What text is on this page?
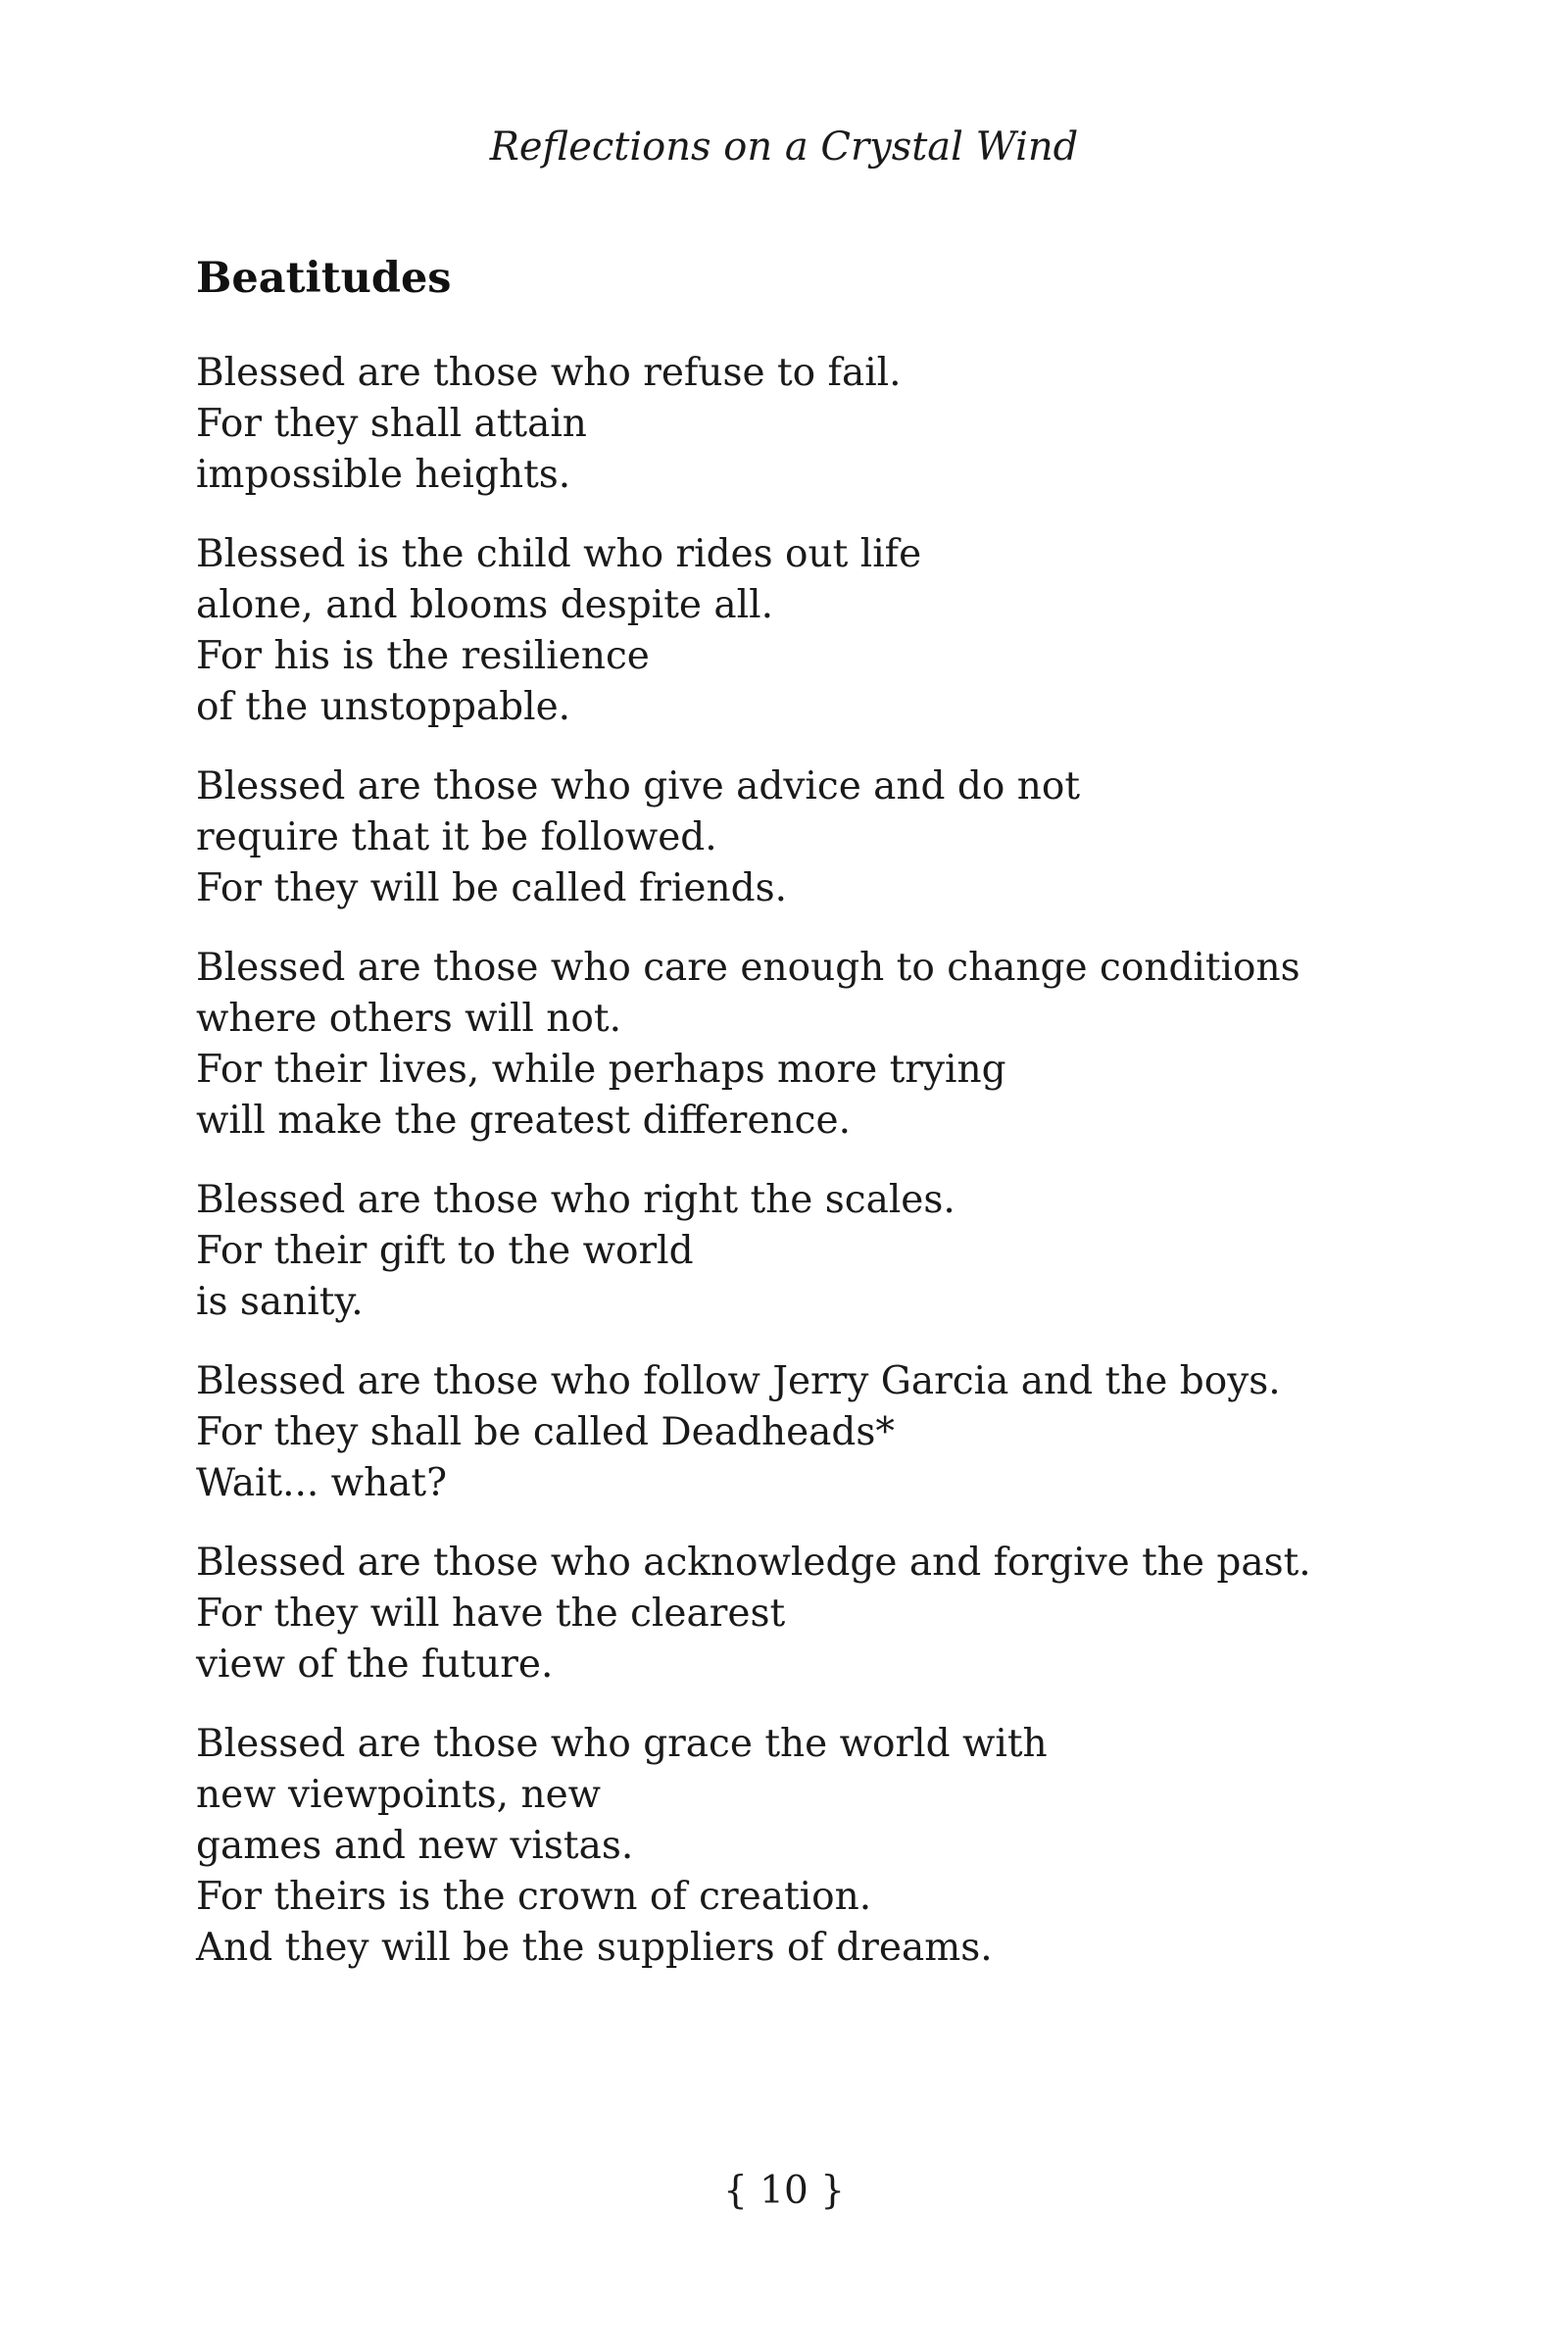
Reflections on a Crystal Wind
Beatitudes

Blessed are those who refuse to fail.
For they shall attain
impossible heights.

Blessed is the child who rides out life
alone, and blooms despite all.
For his is the resilience
of the unstoppable.

Blessed are those who give advice and do not
require that it be followed.
For they will be called friends.

Blessed are those who care enough to change conditions
where others will not.
For their lives, while perhaps more trying
will make the greatest difference.

Blessed are those who right the scales.
For their gift to the world
is sanity.

Blessed are those who follow Jerry Garcia and the boys.
For they shall be called Deadheads*
Wait... what?

Blessed are those who acknowledge and forgive the past.
For they will have the clearest
view of the future.

Blessed are those who grace the world with
new viewpoints, new
games and new vistas.
For theirs is the crown of creation.
And they will be the suppliers of dreams.

{ 10 }
